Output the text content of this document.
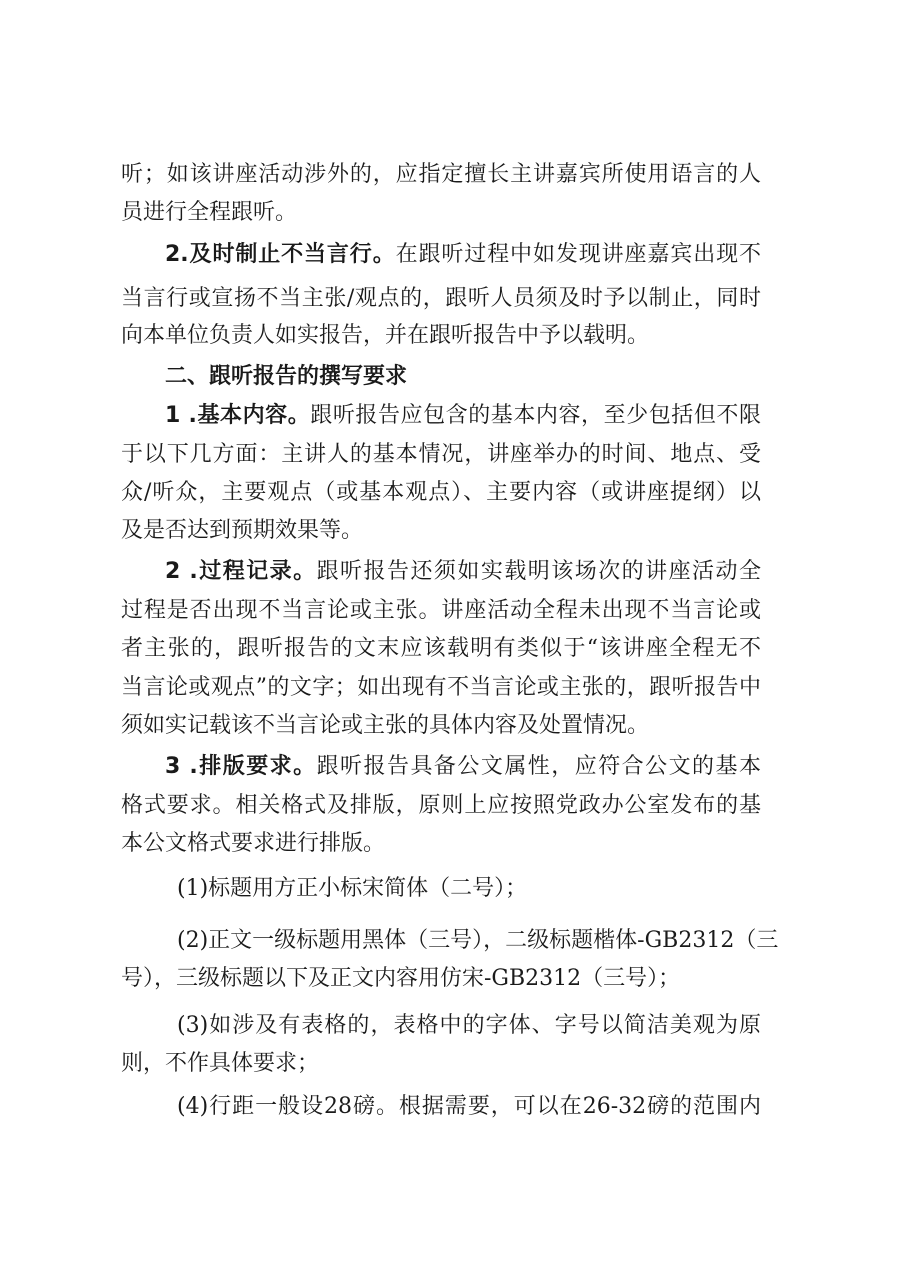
听；如该讲座活动涉外的，应指定擅长主讲嘉宾所使用语言的人
员进行全程跟听。
2.及时制止不当言行。在跟听过程中如发现讲座嘉宾出现不
当言行或宣扬不当主张/观点的，跟听人员须及时予以制止，同时
向本单位负责人如实报告，并在跟听报告中予以载明。
二、跟听报告的撰写要求
1 .基本内容。跟听报告应包含的基本内容，至少包括但不限
于以下几方面：主讲人的基本情况，讲座举办的时间、地点、受
众/听众，主要观点（或基本观点）、主要内容（或讲座提纲）以
及是否达到预期效果等。
2 .过程记录。跟听报告还须如实载明该场次的讲座活动全
过程是否出现不当言论或主张。讲座活动全程未出现不当言论或
者主张的，跟听报告的文末应该载明有类似于“该讲座全程无不
当言论或观点”的文字；如出现有不当言论或主张的，跟听报告中
须如实记载该不当言论或主张的具体内容及处置情况。
3 .排版要求。跟听报告具备公文属性，应符合公文的基本
格式要求。相关格式及排版，原则上应按照党政办公室发布的基
本公文格式要求进行排版。
(1)标题用方正小标宋简体（二号）；
(2)正文一级标题用黑体（三号），二级标题楷体-GB2312（三
号），三级标题以下及正文内容用仿宋-GB2312（三号）；
(3)如涉及有表格的，表格中的字体、字号以简洁美观为原
则，不作具体要求；
(4)行距一般设28磅。根据需要，可以在26-32磅的范围内
